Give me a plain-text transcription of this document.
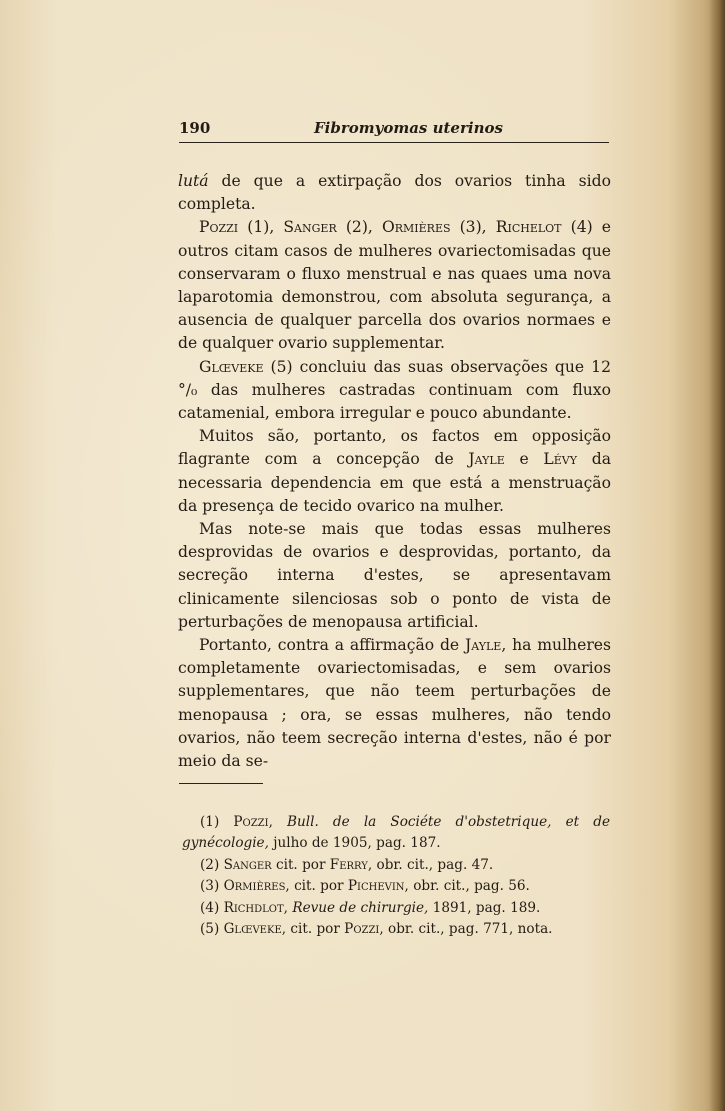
190	Fibromyomas uterinos

lutá de que a extirpação dos ovarios tinha sido completa.

Pozzi (1), Sanger (2), Ormières (3), Richelot (4) e outros citam casos de mulheres ovariectomisadas que conservaram o fluxo menstrual e nas quaes uma nova laparotomia demonstrou, com absoluta segurança, a ausencia de qualquer parcella dos ovarios normaes e de qualquer ovario supplementar.

Glœveke (5) concluiu das suas observações que 12 °/₀ das mulheres castradas continuam com fluxo catamenial, embora irregular e pouco abundante.

Muitos são, portanto, os factos em opposição flagrante com a concepção de Jayle e Lévy da necessaria dependencia em que está a menstruação da presença de tecido ovarico na mulher.

Mas note-se mais que todas essas mulheres desprovidas de ovarios e desprovidas, portanto, da secreção interna d'estes, se apresentavam clinicamente silenciosas sob o ponto de vista de perturbações de menopausa artificial.

Portanto, contra a affirmação de Jayle, ha mulheres completamente ovariectomisadas, e sem ovarios supplementares, que não teem perturbações de menopausa ; ora, se essas mulheres, não tendo ovarios, não teem secreção interna d'estes, não é por meio da se-

(1) Pozzi, Bull. de la Sociéte d'obstetrique, et de gynécologie, julho de 1905, pag. 187.

(2) Sanger cit. por Ferry, obr. cit., pag. 47.

(3) Ormières, cit. por Pichevin, obr. cit., pag. 56.

(4) Richdlot, Revue de chirurgie, 1891, pag. 189.

(5) Glœveke, cit. por Pozzi, obr. cit., pag. 771, nota.
